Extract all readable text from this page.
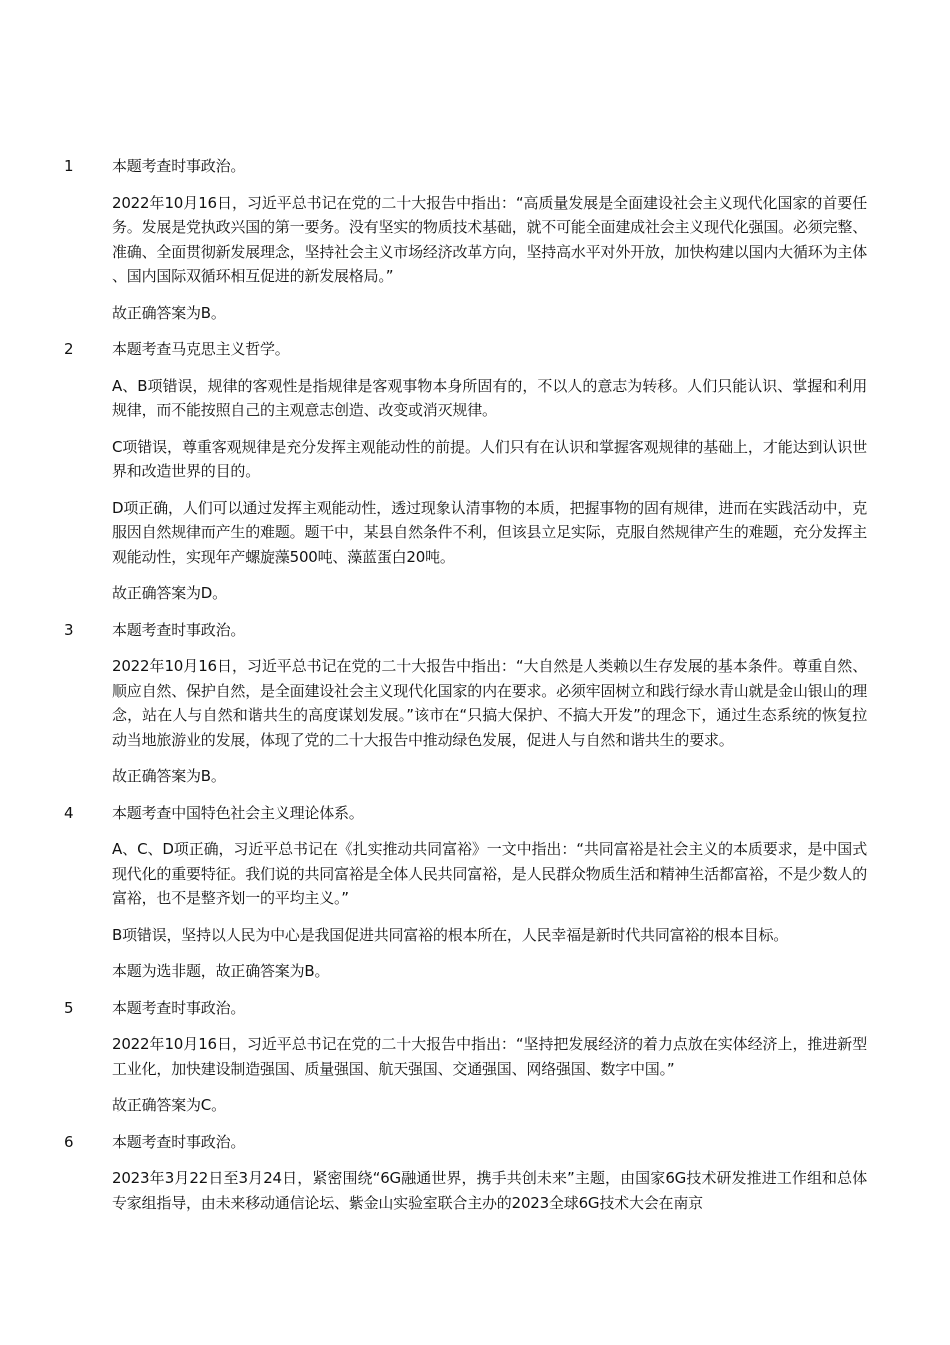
1	本题考查时事政治。

2022年10月16日，习近平总书记在党的二十大报告中指出：“高质量发展是全面建设社会主义现代化国家的首要任务。发展是党执政兴国的第一要务。没有坚实的物质技术基础，就不可能全面建成社会主义现代化强国。必须完整、准确、全面贯彻新发展理念，坚持社会主义市场经济改革方向，坚持高水平对外开放，加快构建以国内大循环为主体、国内国际双循环相互促进的新发展格局。”

故正确答案为B。

2	本题考查马克思主义哲学。

A、B项错误，规律的客观性是指规律是客观事物本身所固有的，不以人的意志为转移。人们只能认识、掌握和利用规律，而不能按照自己的主观意志创造、改变或消灭规律。

C项错误，尊重客观规律是充分发挥主观能动性的前提。人们只有在认识和掌握客观规律的基础上，才能达到认识世界和改造世界的目的。

D项正确，人们可以通过发挥主观能动性，透过现象认清事物的本质，把握事物的固有规律，进而在实践活动中，克服因自然规律而产生的难题。题干中，某县自然条件不利，但该县立足实际，克服自然规律产生的难题，充分发挥主观能动性，实现年产螺旋藻500吨、藻蓝蛋白20吨。

故正确答案为D。

3	本题考查时事政治。

2022年10月16日，习近平总书记在党的二十大报告中指出：“大自然是人类赖以生存发展的基本条件。尊重自然、顺应自然、保护自然，是全面建设社会主义现代化国家的内在要求。必须牢固树立和践行绿水青山就是金山银山的理念，站在人与自然和谐共生的高度谋划发展。”该市在“只搞大保护、不搞大开发”的理念下，通过生态系统的恢复拉动当地旅游业的发展，体现了党的二十大报告中推动绿色发展，促进人与自然和谐共生的要求。

故正确答案为B。

4	本题考查中国特色社会主义理论体系。

A、C、D项正确，习近平总书记在《扎实推动共同富裕》一文中指出：“共同富裕是社会主义的本质要求，是中国式现代化的重要特征。我们说的共同富裕是全体人民共同富裕，是人民群众物质生活和精神生活都富裕，不是少数人的富裕，也不是整齐划一的平均主义。”

B项错误，坚持以人民为中心是我国促进共同富裕的根本所在，人民幸福是新时代共同富裕的根本目标。

本题为选非题，故正确答案为B。

5	本题考查时事政治。

2022年10月16日，习近平总书记在党的二十大报告中指出：“坚持把发展经济的着力点放在实体经济上，推进新型工业化，加快建设制造强国、质量强国、航天强国、交通强国、网络强国、数字中国。”

故正确答案为C。

6	本题考查时事政治。

2023年3月22日至3月24日，紧密围绕“6G融通世界，携手共创未来”主题，由国家6G技术研发推进工作组和总体专家组指导，由未来移动通信论坛、紫金山实验室联合主办的2023全球6G技术大会在南京
